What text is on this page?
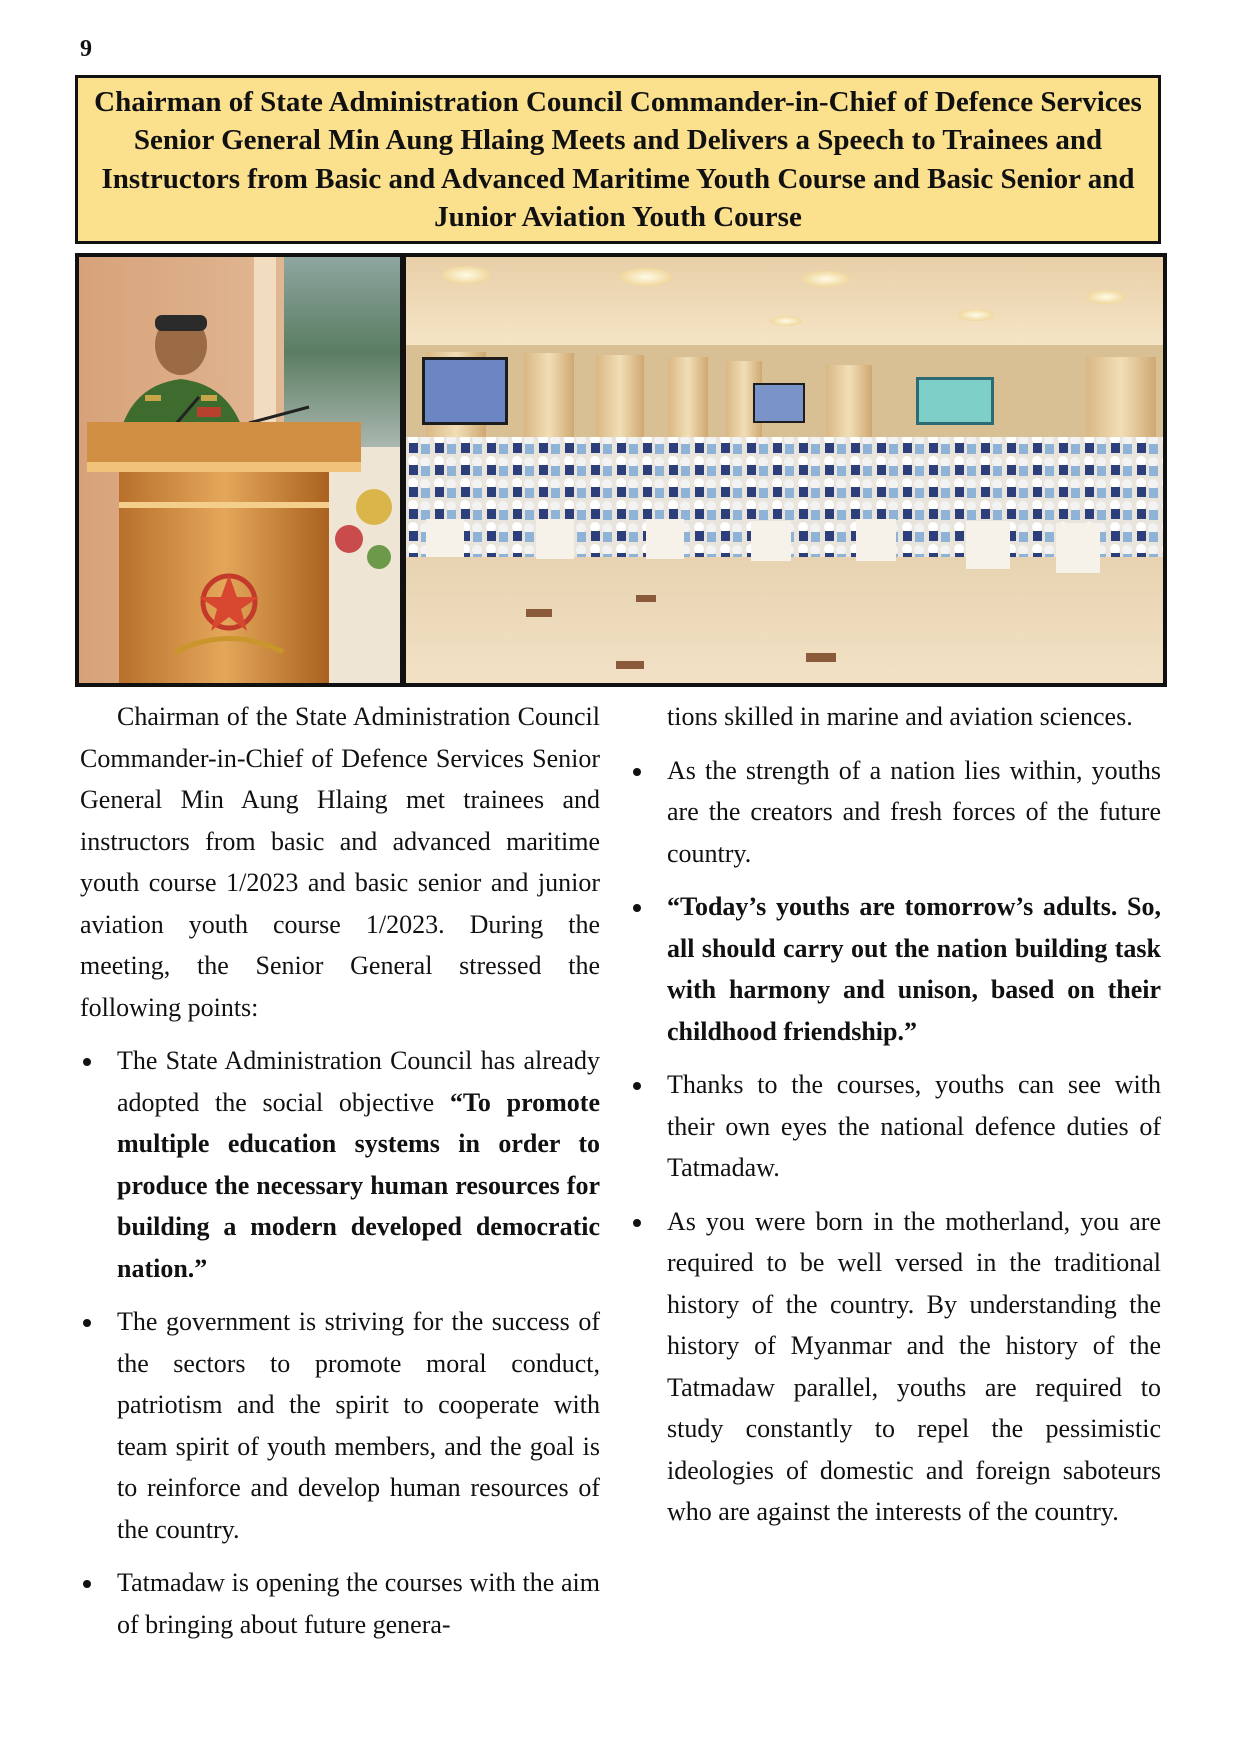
9
Chairman of State Administration Council Commander-in-Chief of Defence Services Senior General Min Aung Hlaing Meets and Delivers a Speech to Trainees and Instructors from Basic and Advanced Maritime Youth Course and Basic Senior and Junior Aviation Youth Course

Chairman of the State Administration Council Commander-in-Chief of Defence Services Senior General Min Aung Hlaing met trainees and instructors from basic and advanced maritime youth course 1/2023 and basic senior and junior aviation youth course 1/2023. During the meeting, the Senior General stressed the following points:

The State Administration Council has already adopted the social objective “To promote multiple education systems in order to produce the necessary human resources for building a modern developed democratic nation.”
The government is striving for the success of the sectors to promote moral conduct, patriotism and the spirit to cooperate with team spirit of youth members, and the goal is to reinforce and develop human resources of the country.
Tatmadaw is opening the courses with the aim of bringing about future genera-

tions skilled in marine and aviation sciences.

As the strength of a nation lies within, youths are the creators and fresh forces of the future country.
“Today’s youths are tomorrow’s adults. So, all should carry out the nation building task with harmony and unison, based on their childhood friendship.”
Thanks to the courses, youths can see with their own eyes the national defence duties of Tatmadaw.
As you were born in the motherland, you are required to be well versed in the traditional history of the country. By understanding the history of Myanmar and the history of the Tatmadaw parallel, youths are required to study constantly to repel the pessimistic ideologies of domestic and foreign saboteurs who are against the interests of the country.
